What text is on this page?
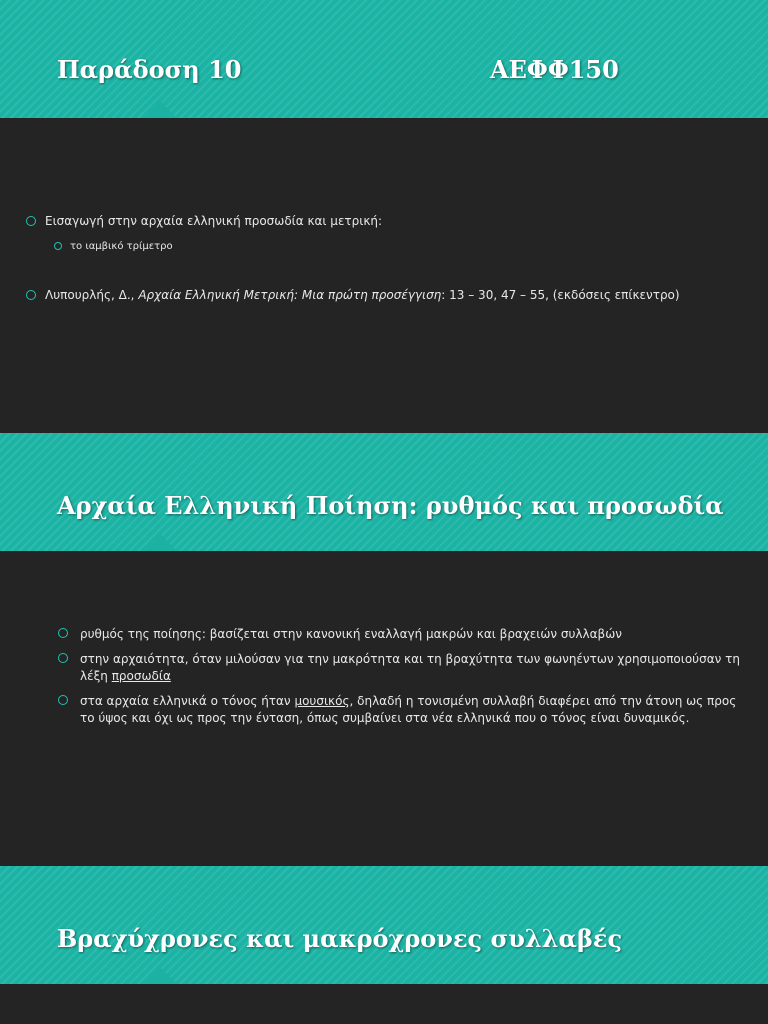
Παράδοση 10	ΑΕΦΦ150

Εισαγωγή στην αρχαία ελληνική προσωδία και μετρική:

το ιαμβικό τρίμετρο

Λυπουρλής, Δ., Αρχαία Ελληνική Μετρική: Μια πρώτη προσέγγιση: 13 – 30, 47 – 55, (εκδόσεις επίκεντρο)

Αρχαία Ελληνική Ποίηση: ρυθμός και προσωδία

ρυθμός της ποίησης: βασίζεται στην κανονική εναλλαγή μακρών και βραχειών συλλαβών

στην αρχαιότητα, όταν μιλούσαν για την μακρότητα και τη βραχύτητα των φωνηέντων χρησιμοποιούσαν τη

λέξη προσωδία

στα αρχαία ελληνικά ο τόνος ήταν μουσικός, δηλαδή η τονισμένη συλλαβή διαφέρει από την άτονη ως προς

το ύψος και όχι ως προς την ένταση, όπως συμβαίνει στα νέα ελληνικά που ο τόνος είναι δυναμικός.

Βραχύχρονες και μακρόχρονες συλλαβές
